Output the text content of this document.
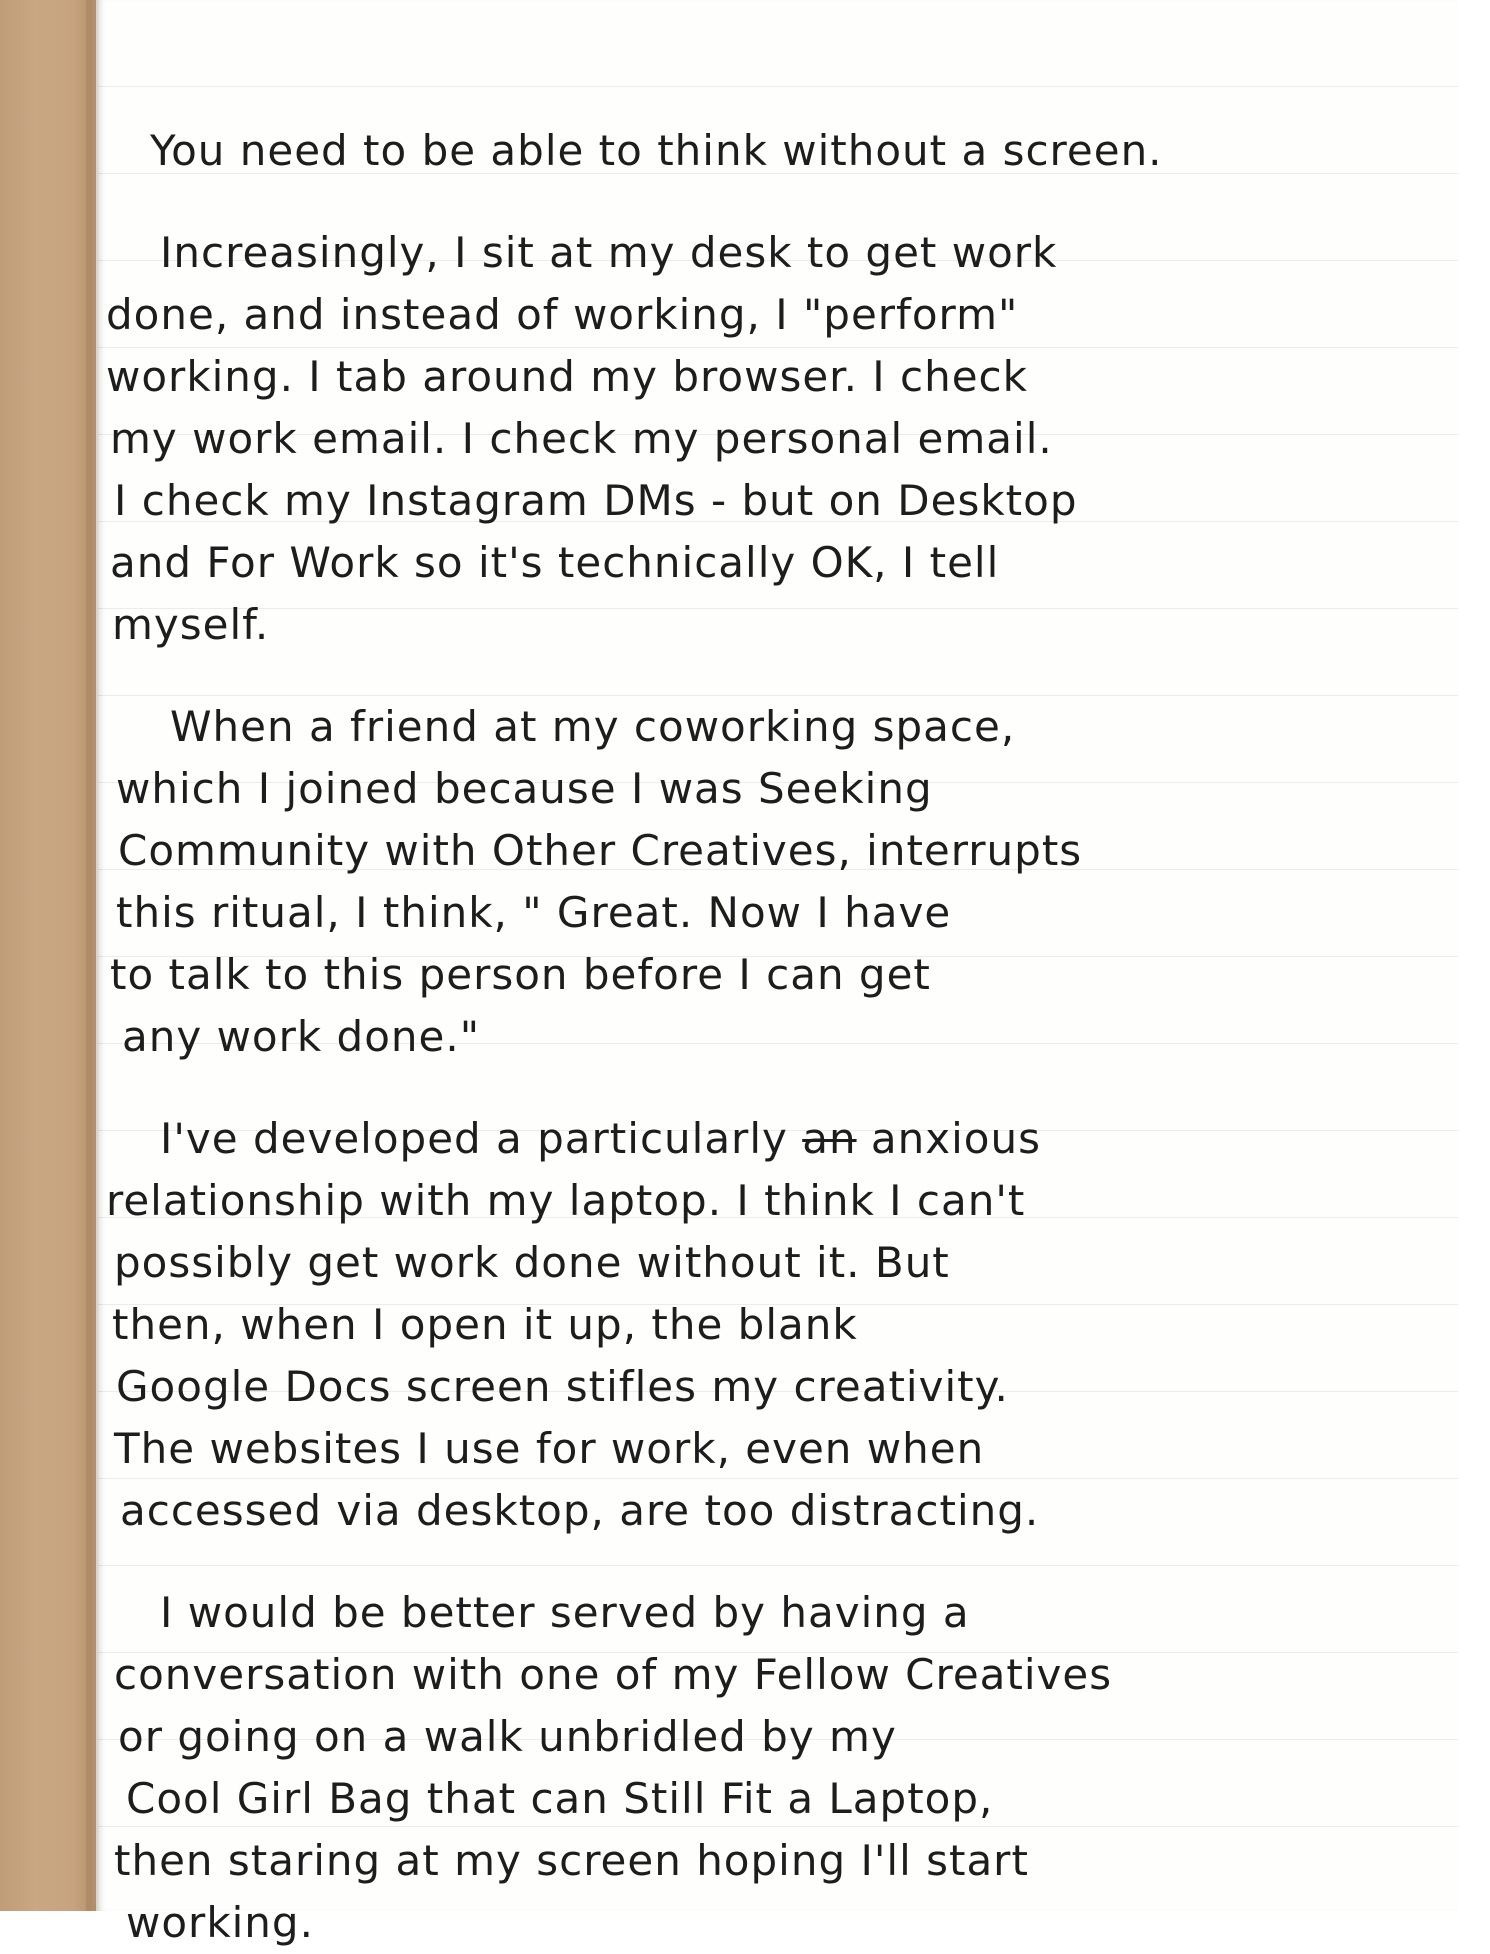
You need to be able to think without a screen.
Increasingly, I sit at my desk to get work
done, and instead of working, I "perform"
working. I tab around my browser. I check
my work email. I check my personal email.
I check my Instagram DMs - but on Desktop
and For Work so it's technically OK, I tell
myself.
When a friend at my coworking space,
which I joined because I was Seeking
Community with Other Creatives, interrupts
this ritual, I think, " Great. Now I have
to talk to this person before I can get
any work done."
I've developed a particularly an anxious
relationship with my laptop. I think I can't
possibly get work done without it. But
then, when I open it up, the blank
Google Docs screen stifles my creativity.
The websites I use for work, even when
accessed via desktop, are too distracting.
I would be better served by having a
conversation with one of my Fellow Creatives
or going on a walk unbridled by my
Cool Girl Bag that can Still Fit a Laptop,
then staring at my screen hoping I'll start
working.
